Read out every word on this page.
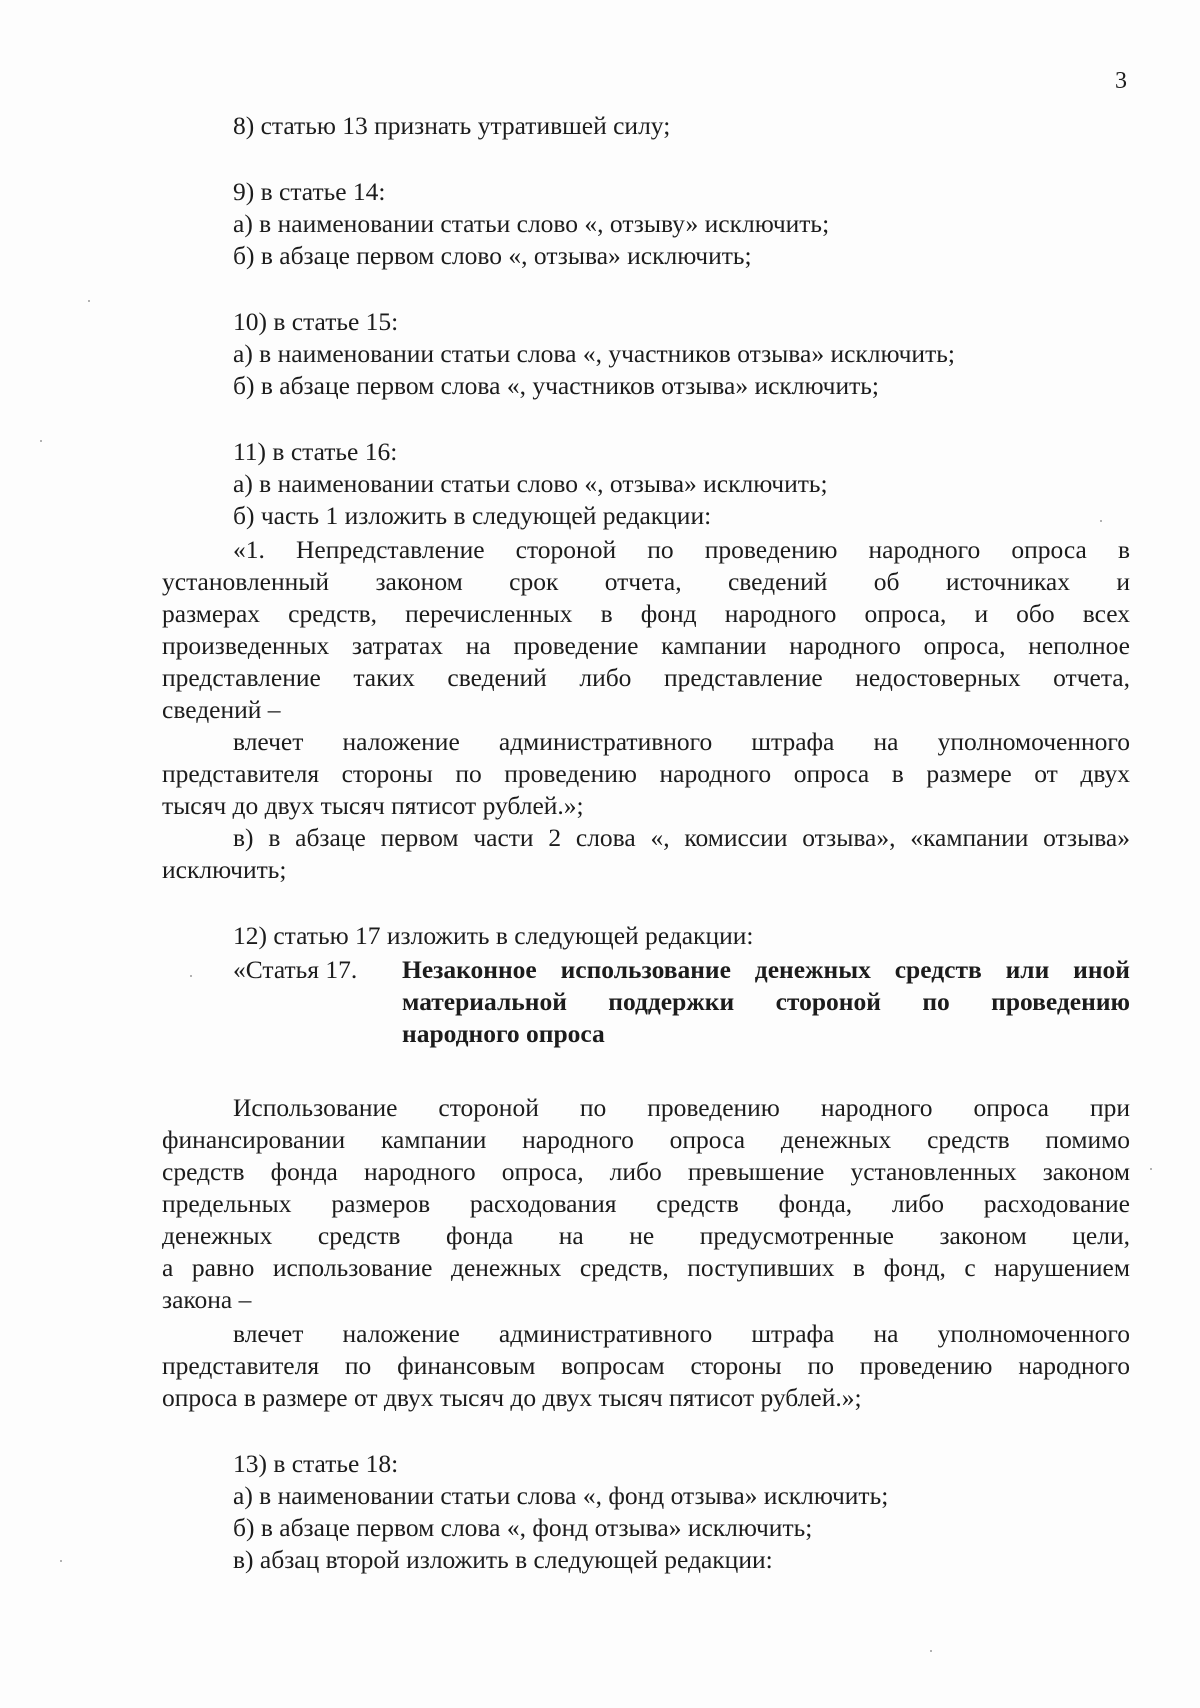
3
8) статью 13 признать утратившей силу;
9) в статье 14:
а) в наименовании статьи слово «, отзыву» исключить;
б) в абзаце первом слово «, отзыва» исключить;
10) в статье 15:
а) в наименовании статьи слова «, участников отзыва» исключить;
б) в абзаце первом слова «, участников отзыва» исключить;
11) в статье 16:
а) в наименовании статьи слово «, отзыва» исключить;
б) часть 1 изложить в следующей редакции:
«1. Непредставление стороной по проведению народного опроса в
установленный законом срок отчета, сведений об источниках и
размерах средств, перечисленных в фонд народного опроса, и обо всех
произведенных затратах на проведение кампании народного опроса, неполное
представление таких сведений либо представление недостоверных отчета,
сведений –
влечет наложение административного штрафа на уполномоченного
представителя стороны по проведению народного опроса в размере от двух
тысяч до двух тысяч пятисот рублей.»;
в) в абзаце первом части 2 слова «, комиссии отзыва», «кампании отзыва»
исключить;
12) статью 17 изложить в следующей редакции:
«Статья 17. Незаконное использование денежных средств или иной
материальной поддержки стороной по проведению
народного опроса
Использование стороной по проведению народного опроса при
финансировании кампании народного опроса денежных средств помимо
средств фонда народного опроса, либо превышение установленных законом
предельных размеров расходования средств фонда, либо расходование
денежных средств фонда на не предусмотренные законом цели,
а равно использование денежных средств, поступивших в фонд, с нарушением
закона –
влечет наложение административного штрафа на уполномоченного
представителя по финансовым вопросам стороны по проведению народного
опроса в размере от двух тысяч до двух тысяч пятисот рублей.»;
13) в статье 18:
а) в наименовании статьи слова «, фонд отзыва» исключить;
б) в абзаце первом слова «, фонд отзыва» исключить;
в) абзац второй изложить в следующей редакции:
